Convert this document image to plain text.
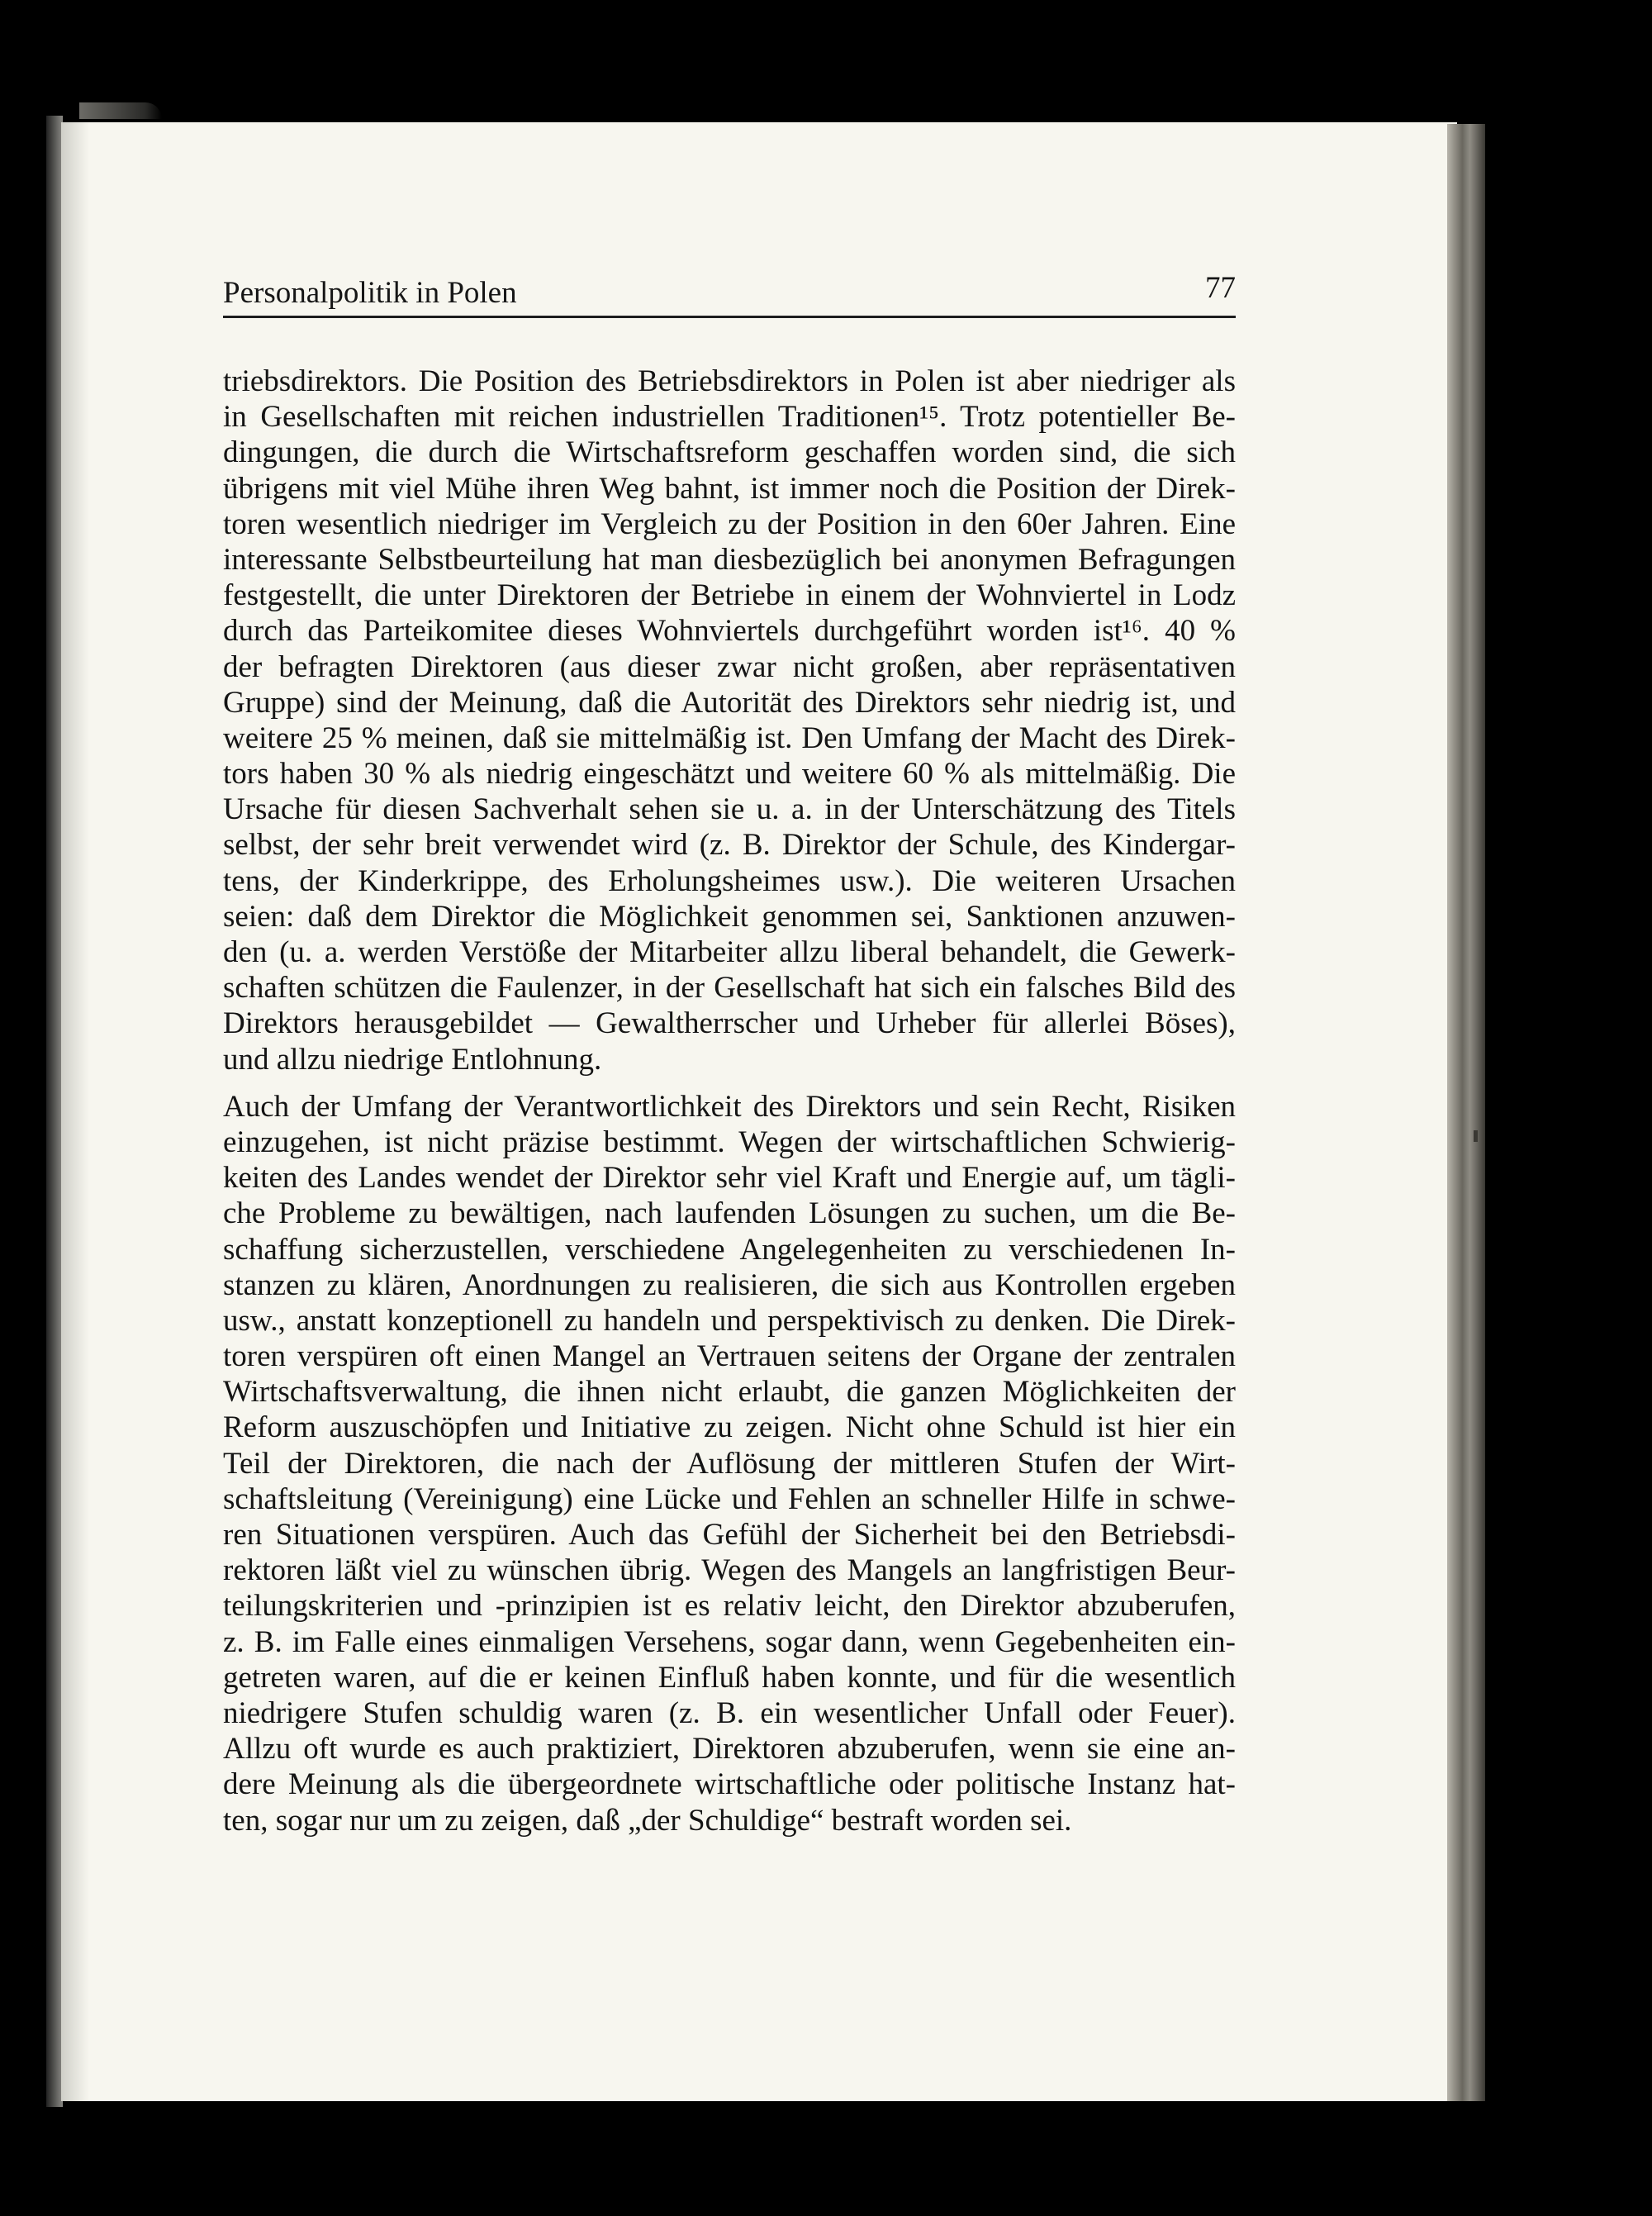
Personalpolitik in Polen	77
triebsdirektors. Die Position des Betriebsdirektors in Polen ist aber niedriger als
in Gesellschaften mit reichen industriellen Traditionen¹⁵. Trotz potentieller Be-
dingungen, die durch die Wirtschaftsreform geschaffen worden sind, die sich
übrigens mit viel Mühe ihren Weg bahnt, ist immer noch die Position der Direk-
toren wesentlich niedriger im Vergleich zu der Position in den 60er Jahren. Eine
interessante Selbstbeurteilung hat man diesbezüglich bei anonymen Befragungen
festgestellt, die unter Direktoren der Betriebe in einem der Wohnviertel in Lodz
durch das Parteikomitee dieses Wohnviertels durchgeführt worden ist¹⁶. 40 %
der befragten Direktoren (aus dieser zwar nicht großen, aber repräsentativen
Gruppe) sind der Meinung, daß die Autorität des Direktors sehr niedrig ist, und
weitere 25 % meinen, daß sie mittelmäßig ist. Den Umfang der Macht des Direk-
tors haben 30 % als niedrig eingeschätzt und weitere 60 % als mittelmäßig. Die
Ursache für diesen Sachverhalt sehen sie u. a. in der Unterschätzung des Titels
selbst, der sehr breit verwendet wird (z. B. Direktor der Schule, des Kindergar-
tens, der Kinderkrippe, des Erholungsheimes usw.). Die weiteren Ursachen
seien: daß dem Direktor die Möglichkeit genommen sei, Sanktionen anzuwen-
den (u. a. werden Verstöße der Mitarbeiter allzu liberal behandelt, die Gewerk-
schaften schützen die Faulenzer, in der Gesellschaft hat sich ein falsches Bild des
Direktors herausgebildet — Gewaltherrscher und Urheber für allerlei Böses),
und allzu niedrige Entlohnung.
Auch der Umfang der Verantwortlichkeit des Direktors und sein Recht, Risiken
einzugehen, ist nicht präzise bestimmt. Wegen der wirtschaftlichen Schwierig-
keiten des Landes wendet der Direktor sehr viel Kraft und Energie auf, um tägli-
che Probleme zu bewältigen, nach laufenden Lösungen zu suchen, um die Be-
schaffung sicherzustellen, verschiedene Angelegenheiten zu verschiedenen In-
stanzen zu klären, Anordnungen zu realisieren, die sich aus Kontrollen ergeben
usw., anstatt konzeptionell zu handeln und perspektivisch zu denken. Die Direk-
toren verspüren oft einen Mangel an Vertrauen seitens der Organe der zentralen
Wirtschaftsverwaltung, die ihnen nicht erlaubt, die ganzen Möglichkeiten der
Reform auszuschöpfen und Initiative zu zeigen. Nicht ohne Schuld ist hier ein
Teil der Direktoren, die nach der Auflösung der mittleren Stufen der Wirt-
schaftsleitung (Vereinigung) eine Lücke und Fehlen an schneller Hilfe in schwe-
ren Situationen verspüren. Auch das Gefühl der Sicherheit bei den Betriebsdi-
rektoren läßt viel zu wünschen übrig. Wegen des Mangels an langfristigen Beur-
teilungskriterien und -prinzipien ist es relativ leicht, den Direktor abzuberufen,
z. B. im Falle eines einmaligen Versehens, sogar dann, wenn Gegebenheiten ein-
getreten waren, auf die er keinen Einfluß haben konnte, und für die wesentlich
niedrigere Stufen schuldig waren (z. B. ein wesentlicher Unfall oder Feuer).
Allzu oft wurde es auch praktiziert, Direktoren abzuberufen, wenn sie eine an-
dere Meinung als die übergeordnete wirtschaftliche oder politische Instanz hat-
ten, sogar nur um zu zeigen, daß „der Schuldige“ bestraft worden sei.
